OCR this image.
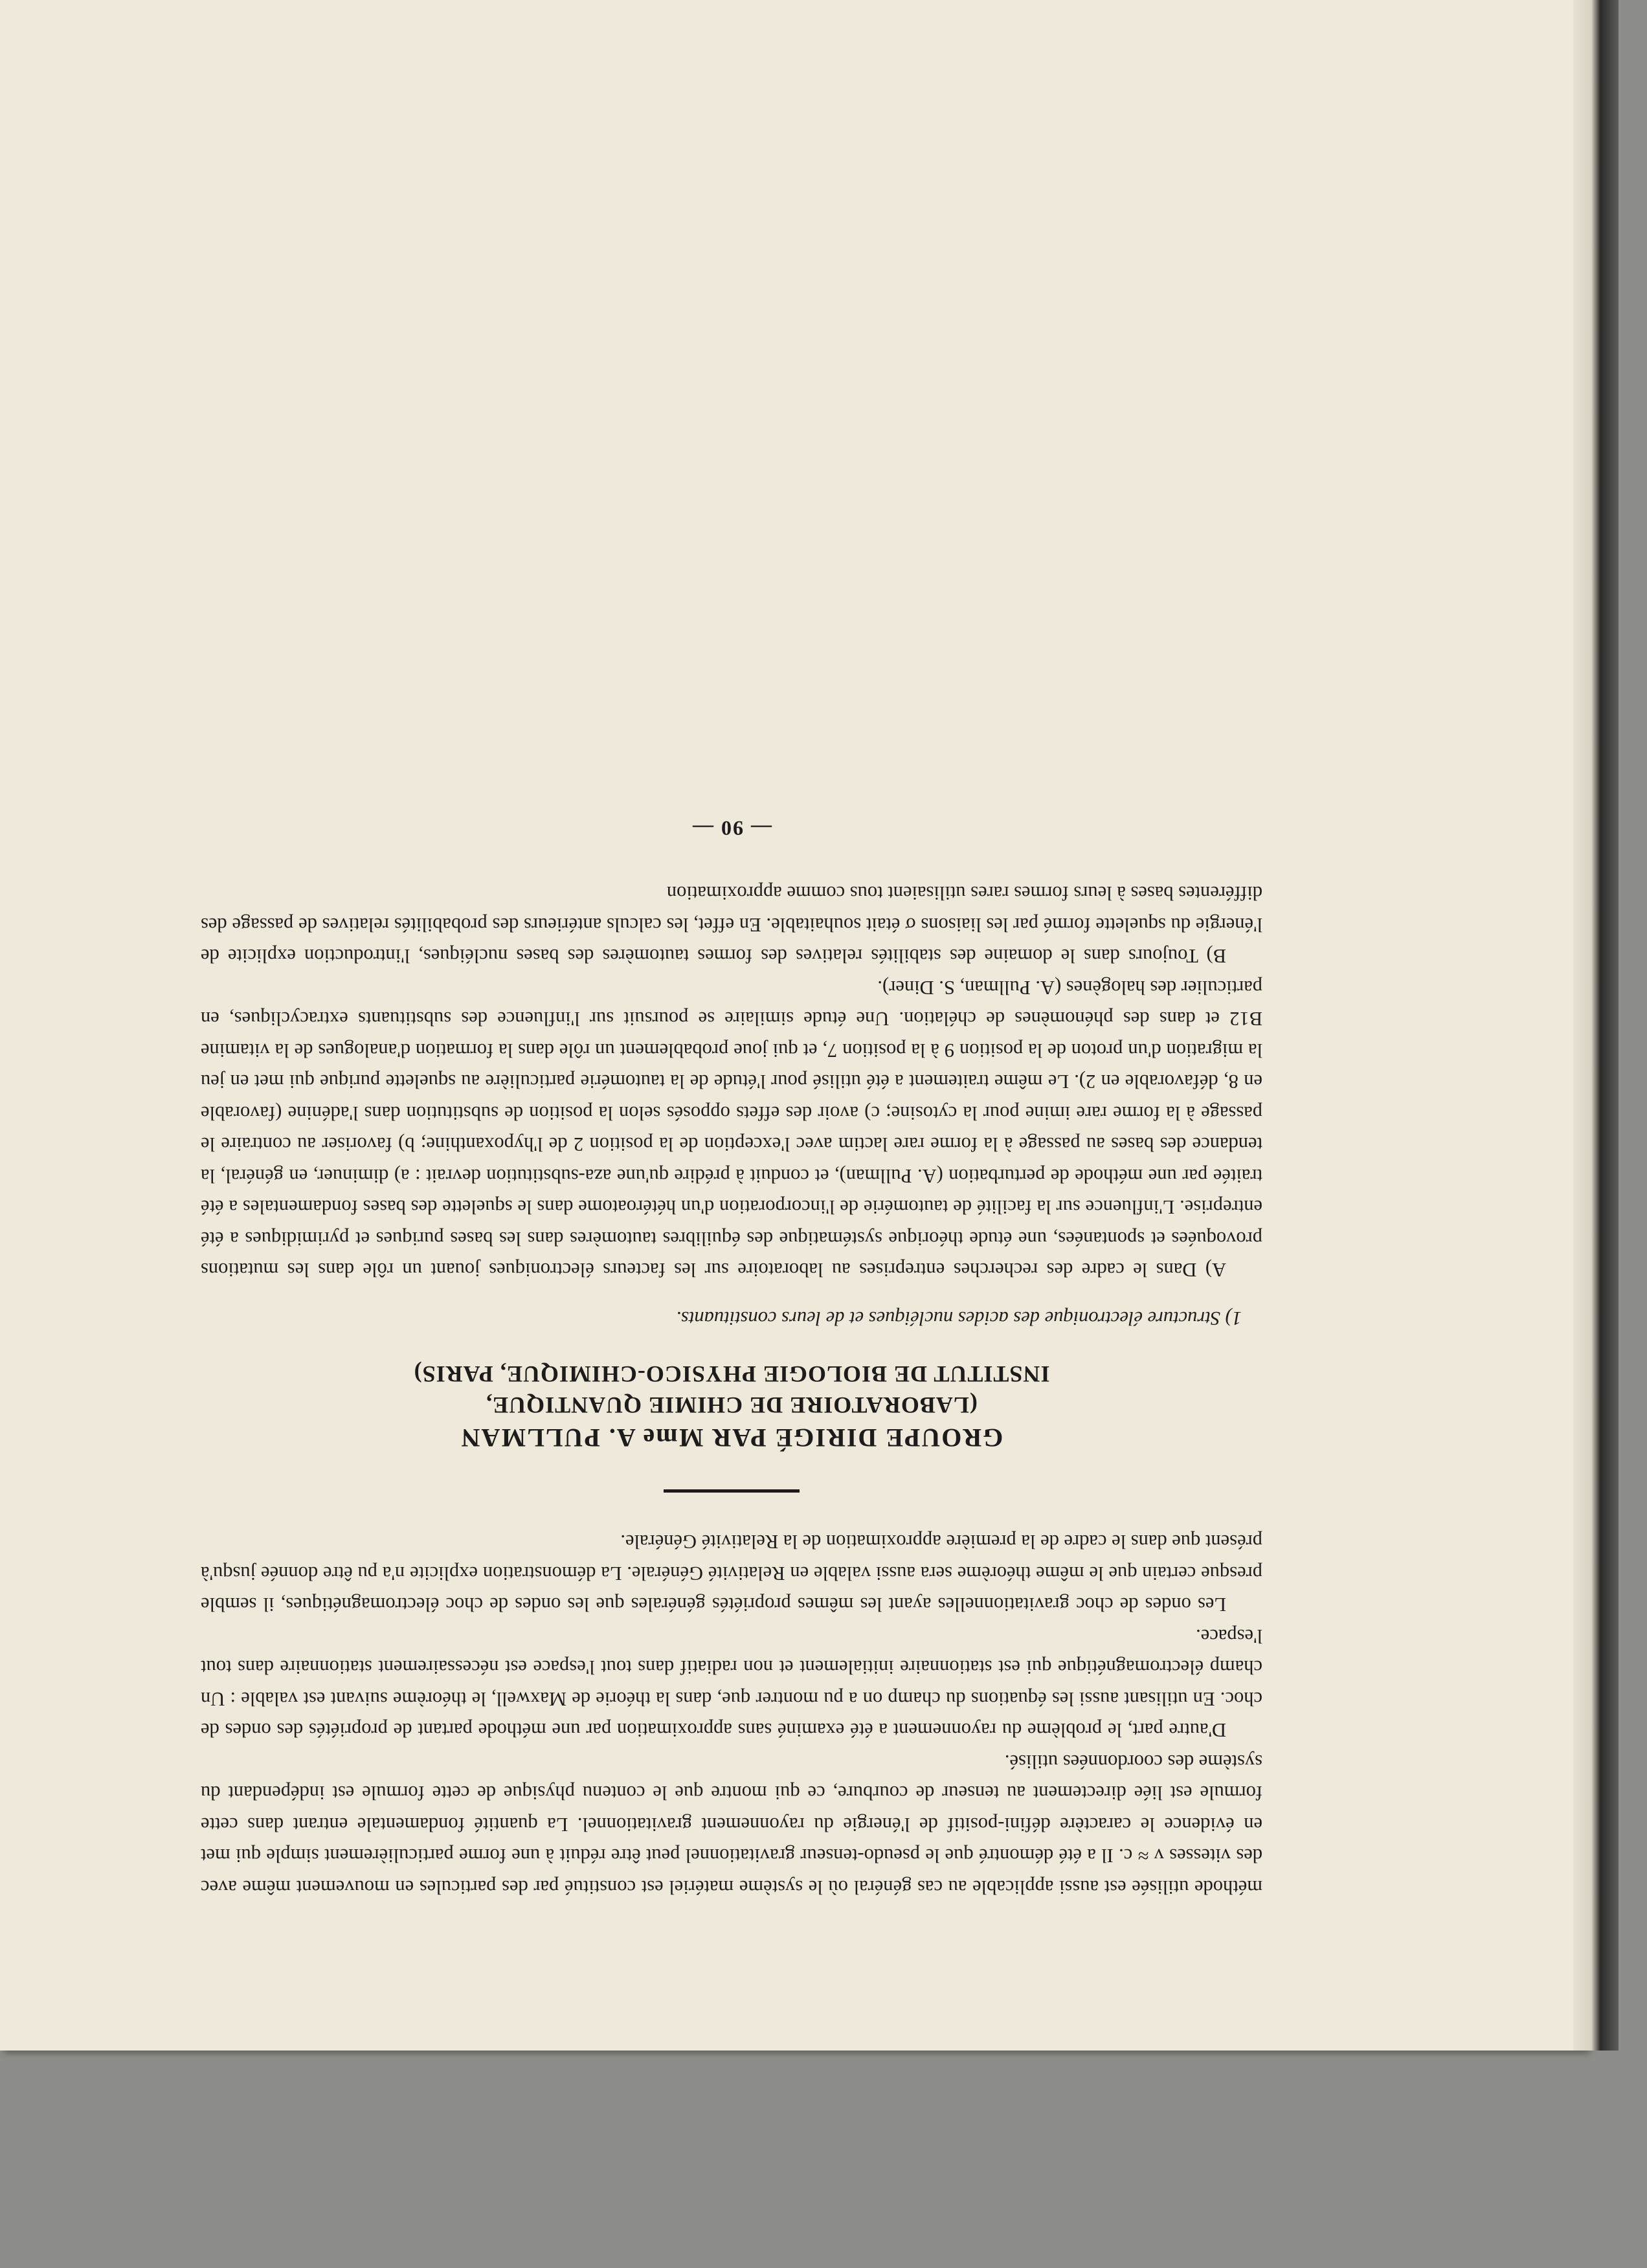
méthode utilisée est aussi applicable au cas général où le système matériel est constitué par des particules en mouvement même avec des vitesses v ≈ c. Il a été démontré que le pseudo-tenseur gravitationnel peut être réduit à une forme particulièrement simple qui met en évidence le caractère défini-positif de l'énergie du rayonnement gravitationnel. La quantité fondamentale entrant dans cette formule est liée directement au tenseur de courbure, ce qui montre que le contenu physique de cette formule est indépendant du système des coordonnées utilisé.

D'autre part, le problème du rayonnement a été examiné sans approximation par une méthode partant de propriétés des ondes de choc. En utilisant aussi les équations du champ on a pu montrer que, dans la théorie de Maxwell, le théorème suivant est valable : Un champ électromagnétique qui est stationnaire initialement et non radiatif dans tout l'espace est nécessairement stationnaire dans tout l'espace.

Les ondes de choc gravitationnelles ayant les mêmes propriétés générales que les ondes de choc électromagnétiques, il semble presque certain que le même théorème sera aussi valable en Relativité Générale. La démonstration explicite n'a pu être donnée jusqu'à présent que dans le cadre de la première approximation de la Relativité Générale.

GROUPE DIRIGÉ PAR Mme A. PULLMAN

(LABORATOIRE DE CHIMIE QUANTIQUE,

INSTITUT DE BIOLOGIE PHYSICO-CHIMIQUE, PARIS)

1) Structure électronique des acides nucléiques et de leurs constituants.

A) Dans le cadre des recherches entreprises au laboratoire sur les facteurs électroniques jouant un rôle dans les mutations provoquées et spontanées, une étude théorique systématique des équilibres tautomères dans les bases puriques et pyrimidiques a été entreprise. L'influence sur la facilité de tautomérie de l'incorporation d'un hétéroatome dans le squelette des bases fondamentales a été traitée par une méthode de perturbation (A. Pullman), et conduit à prédire qu'une aza-substitution devrait : a) diminuer, en général, la tendance des bases au passage à la forme rare lactim avec l'exception de la position 2 de l'hypoxanthine; b) favoriser au contraire le passage à la forme rare imine pour la cytosine; c) avoir des effets opposés selon la position de substitution dans l'adénine (favorable en 8, défavorable en 2). Le même traitement a été utilisé pour l'étude de la tautomérie particulière au squelette purique qui met en jeu la migration d'un proton de la position 9 à la position 7, et qui joue probablement un rôle dans la formation d'analogues de la vitamine B12 et dans des phénomènes de chélation. Une étude similaire se poursuit sur l'influence des substituants extracycliques, en particulier des halogènes (A. Pullman, S. Diner).

B) Toujours dans le domaine des stabilités relatives des formes tautomères des bases nucléiques, l'introduction explicite de l'énergie du squelette formé par les liaisons σ était souhaitable. En effet, les calculs antérieurs des probabilités relatives de passage des différentes bases à leurs formes rares utilisaient tous comme approximation

— 90 —
